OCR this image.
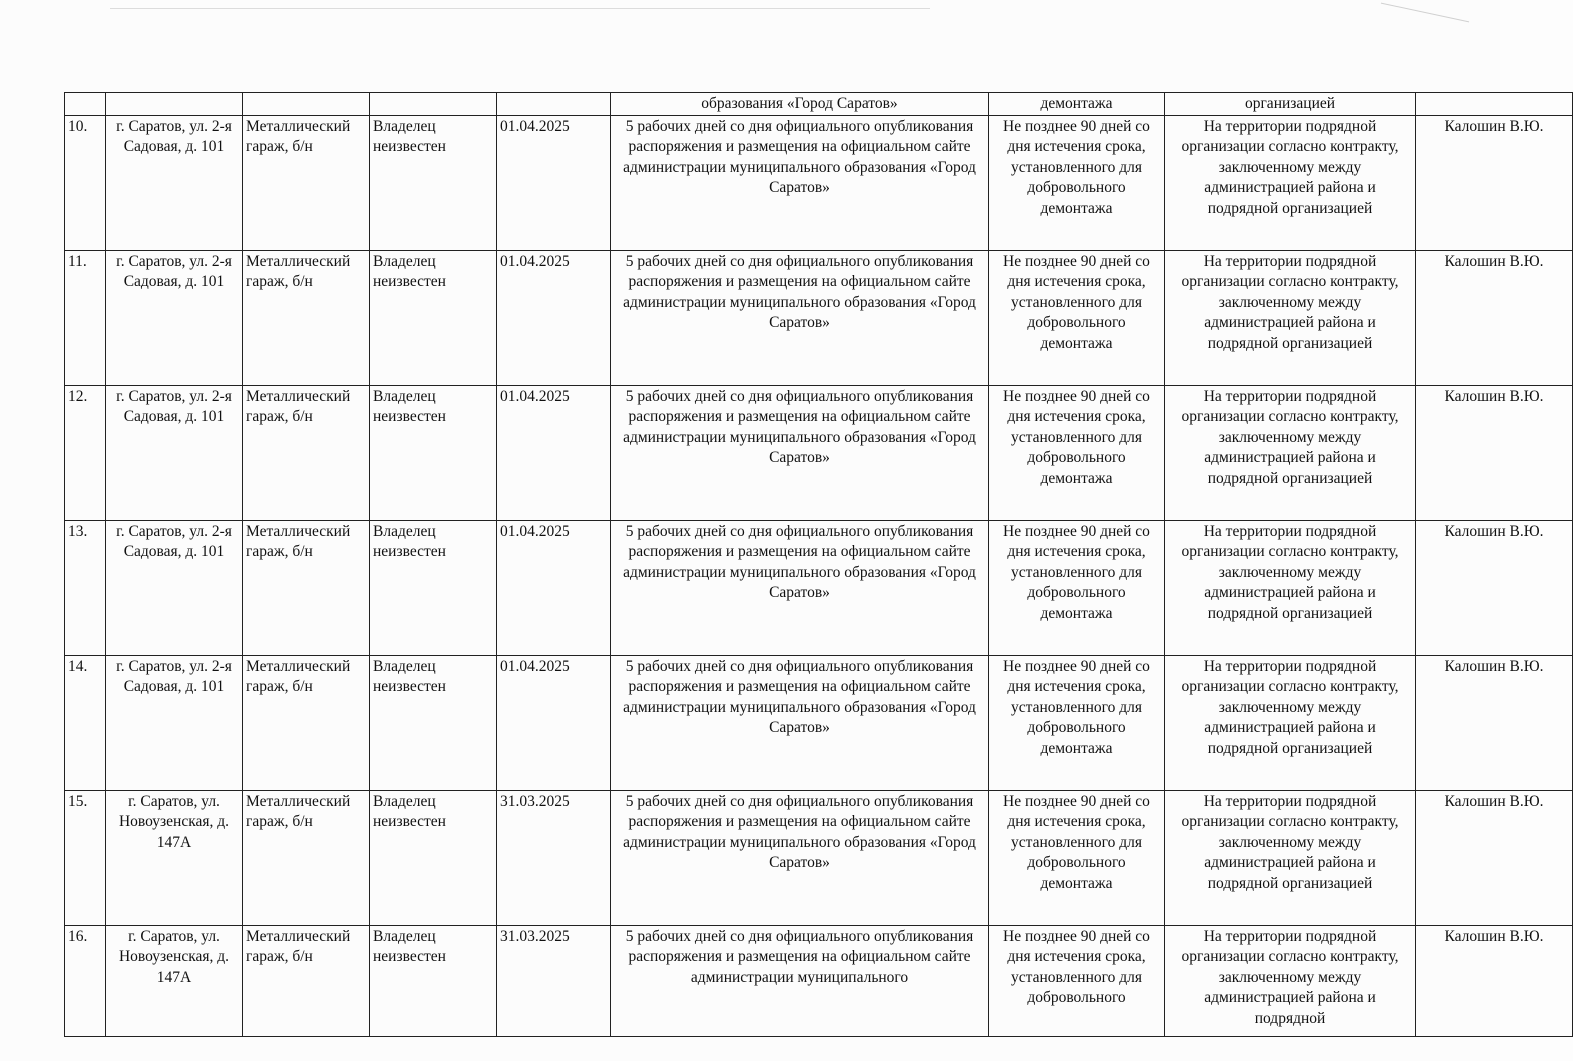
					образования «Город Саратов»	демонтажа	организацией	
10.	г. Саратов, ул. 2-я Садовая, д. 101	Металлический гараж, б/н	Владелец неизвестен	01.04.2025	5 рабочих дней со дня официального опубликования распоряжения и размещения на официальном сайте администрации муниципального образования «Город Саратов»	Не позднее 90 дней со дня истечения срока, установленного для добровольного демонтажа	На территории подрядной организации согласно контракту, заключенному между администрацией района и подрядной организацией	Калошин В.Ю.
11.	г. Саратов, ул. 2-я Садовая, д. 101	Металлический гараж, б/н	Владелец неизвестен	01.04.2025	5 рабочих дней со дня официального опубликования распоряжения и размещения на официальном сайте администрации муниципального образования «Город Саратов»	Не позднее 90 дней со дня истечения срока, установленного для добровольного демонтажа	На территории подрядной организации согласно контракту, заключенному между администрацией района и подрядной организацией	Калошин В.Ю.
12.	г. Саратов, ул. 2-я Садовая, д. 101	Металлический гараж, б/н	Владелец неизвестен	01.04.2025	5 рабочих дней со дня официального опубликования распоряжения и размещения на официальном сайте администрации муниципального образования «Город Саратов»	Не позднее 90 дней со дня истечения срока, установленного для добровольного демонтажа	На территории подрядной организации согласно контракту, заключенному между администрацией района и подрядной организацией	Калошин В.Ю.
13.	г. Саратов, ул. 2-я Садовая, д. 101	Металлический гараж, б/н	Владелец неизвестен	01.04.2025	5 рабочих дней со дня официального опубликования распоряжения и размещения на официальном сайте администрации муниципального образования «Город Саратов»	Не позднее 90 дней со дня истечения срока, установленного для добровольного демонтажа	На территории подрядной организации согласно контракту, заключенному между администрацией района и подрядной организацией	Калошин В.Ю.
14.	г. Саратов, ул. 2-я Садовая, д. 101	Металлический гараж, б/н	Владелец неизвестен	01.04.2025	5 рабочих дней со дня официального опубликования распоряжения и размещения на официальном сайте администрации муниципального образования «Город Саратов»	Не позднее 90 дней со дня истечения срока, установленного для добровольного демонтажа	На территории подрядной организации согласно контракту, заключенному между администрацией района и подрядной организацией	Калошин В.Ю.
15.	г. Саратов, ул. Новоузенская, д. 147А	Металлический гараж, б/н	Владелец неизвестен	31.03.2025	5 рабочих дней со дня официального опубликования распоряжения и размещения на официальном сайте администрации муниципального образования «Город Саратов»	Не позднее 90 дней со дня истечения срока, установленного для добровольного демонтажа	На территории подрядной организации согласно контракту, заключенному между администрацией района и подрядной организацией	Калошин В.Ю.
16.	г. Саратов, ул. Новоузенская, д. 147А	Металлический гараж, б/н	Владелец неизвестен	31.03.2025	5 рабочих дней со дня официального опубликования распоряжения и размещения на официальном сайте администрации муниципального	Не позднее 90 дней со дня истечения срока, установленного для добровольного	На территории подрядной организации согласно контракту, заключенному между администрацией района и подрядной	Калошин В.Ю.
